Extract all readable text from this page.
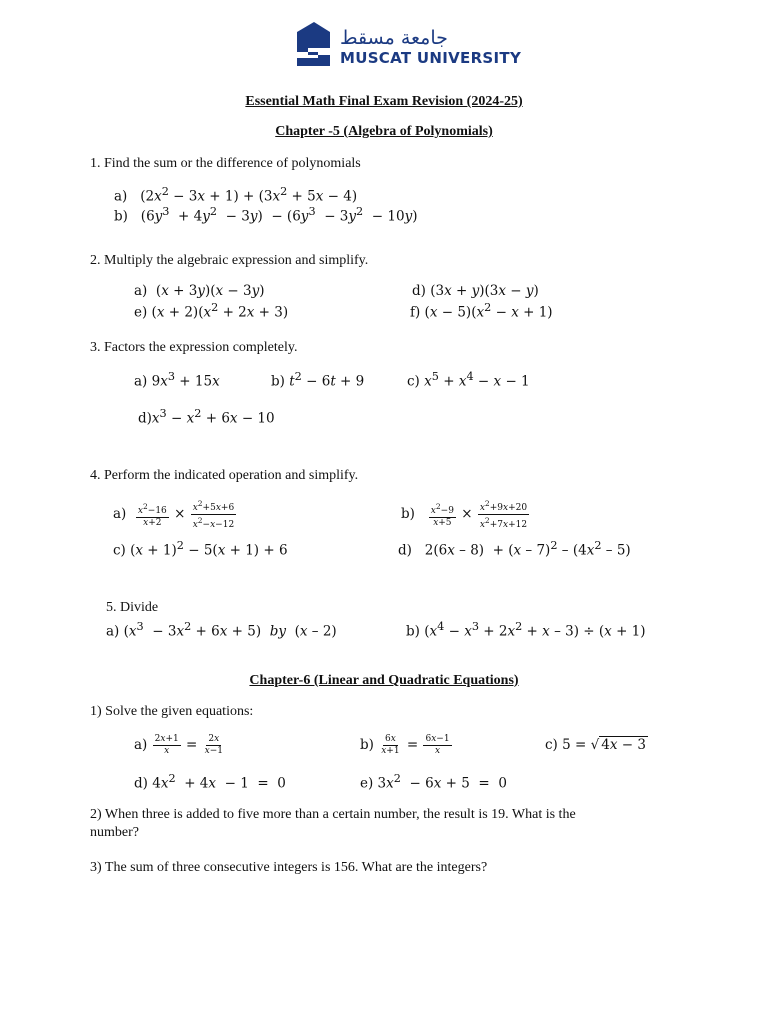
جامعة مسقط
MUSCAT UNIVERSITY
Essential Math Final Exam Revision (2024-25)
Chapter -5 (Algebra of Polynomials)
1. Find the sum or the difference of polynomials
a)   $(2x^2 - 3x + 1) + (3x^2 + 5x - 4)$
b)   $(6y^3 + 4y^2 - 3y) - (6y^3 - 3y^2 - 10y)$
2. Multiply the algebraic expression and simplify.
a)  (x + 3y)(x − 3y)	d) (3x + y)(3x − y)
e) $(x + 2)(x^2 + 2x + 3)$	f) $(x - 5)(x^2 - x + 1)$
3. Factors the expression completely.
a) $9x^3 + 15x$	b) $t^2 - 6t + 9$	c) $x^5 + x^4 - x - 1$
$d)x^3 - x^2 + 6x - 10$
4. Perform the indicated operation and simplify.
$a) \frac{x^2-16}{x+2} \times \frac{x^2+5x+6}{x^2-x-12}$	$b) \frac{x^2-9}{x+5} \times \frac{x^2+9x+20}{x^2+7x+12}$
c) $(x + 1)^2 - 5(x + 1) + 6$	d)   $2(6x - 8) + (x - 7)^2 - (4x^2 - 5)$
5. Divide
a) $(x^3 - 3x^2 + 6x + 5)$  by  (x – 2)	b) $(x^4 - x^3 + 2x^2 + x - 3) \div (x + 1)$
Chapter-6 (Linear and Quadratic Equations)
1) Solve the given equations:
$a) \frac{2x+1}{x} = \frac{2x}{x-1}$	$b) \frac{6x}{x+1} = \frac{6x-1}{x}$	c) 5 = √ 4x − 3
d) $4x^2 + 4x - 1 = 0$	e) $3x^2 - 6x + 5 = 0$
2) When three is added to five more than a certain number, the result is 19. What is the
number?
3) The sum of three consecutive integers is 156. What are the integers?
